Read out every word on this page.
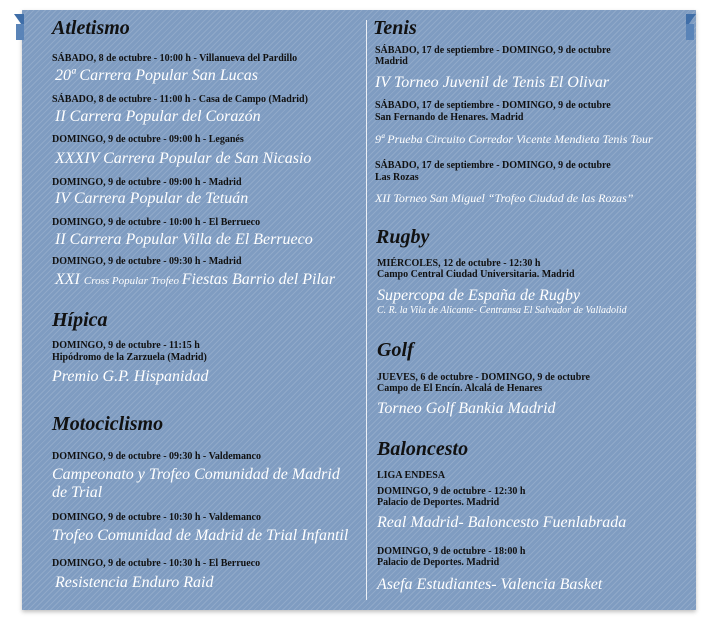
Atletismo
SÁBADO, 8 de octubre - 10:00 h - Villanueva del Pardillo
20ª Carrera Popular San Lucas
SÁBADO, 8 de octubre - 11:00 h - Casa de Campo (Madrid)
II Carrera Popular del Corazón
DOMINGO, 9 de octubre - 09:00 h - Leganés
XXXIV Carrera Popular de San Nicasio
DOMINGO, 9 de octubre - 09:00 h - Madrid
IV Carrera Popular de Tetuán
DOMINGO, 9 de octubre - 10:00 h - El Berrueco
II Carrera Popular Villa de El Berrueco
DOMINGO, 9 de octubre - 09:30 h - Madrid
XXI Cross Popular Trofeo Fiestas Barrio del Pilar
Hípica
DOMINGO, 9 de octubre - 11:15 h
Hipódromo de la Zarzuela (Madrid)
Premio G.P. Hispanidad
Motociclismo
DOMINGO, 9 de octubre - 09:30 h - Valdemanco
Campeonato y Trofeo Comunidad de Madrid
de Trial
DOMINGO, 9 de octubre - 10:30 h - Valdemanco
Trofeo Comunidad de Madrid de Trial Infantil
DOMINGO, 9 de octubre - 10:30 h - El Berrueco
Resistencia Enduro Raid
Tenis
SÁBADO, 17 de septiembre - DOMINGO, 9 de octubre
Madrid
IV Torneo Juvenil de Tenis El Olivar
SÁBADO, 17 de septiembre - DOMINGO, 9 de octubre
San Fernando de Henares. Madrid
9ª Prueba Circuito Corredor Vicente Mendieta Tenis Tour
SÁBADO, 17 de septiembre - DOMINGO, 9 de octubre
Las Rozas
XII Torneo San Miguel “Trofeo Ciudad de las Rozas”
Rugby
MIÉRCOLES, 12 de octubre - 12:30 h
Campo Central Ciudad Universitaria. Madrid
Supercopa de España de Rugby
C. R. la Vila de Alicante- Centransa El Salvador de Valladolid
Golf
JUEVES, 6 de octubre - DOMINGO, 9 de octubre
Campo de El Encín. Alcalá de Henares
Torneo Golf Bankia Madrid
Baloncesto
LIGA ENDESA
DOMINGO, 9 de octubre - 12:30 h
Palacio de Deportes. Madrid
Real Madrid- Baloncesto Fuenlabrada
DOMINGO, 9 de octubre - 18:00 h
Palacio de Deportes. Madrid
Asefa Estudiantes- Valencia Basket
